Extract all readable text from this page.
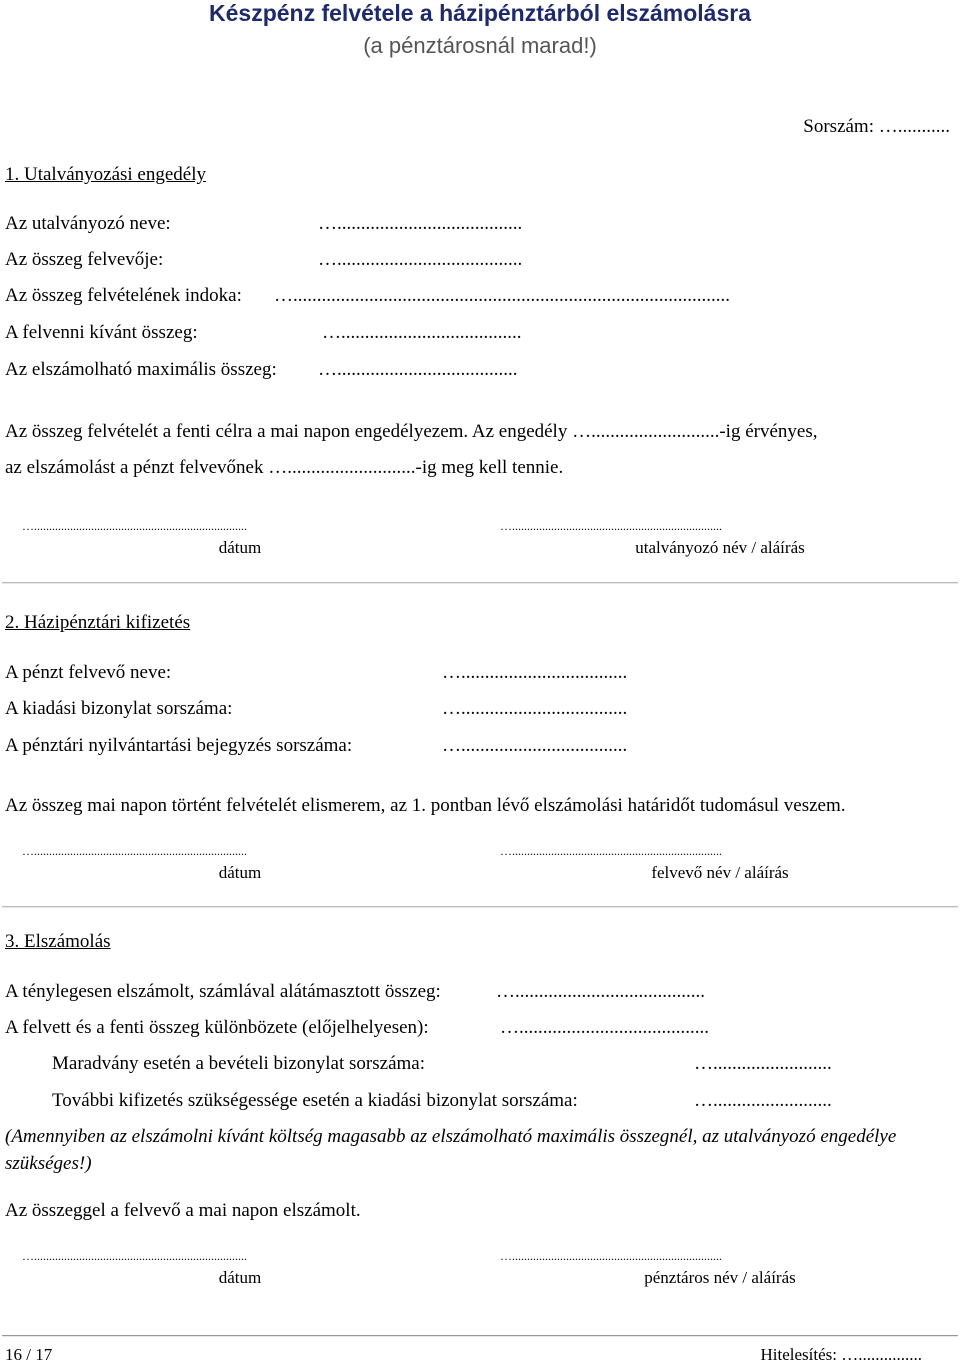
Készpénz felvétele a házipénztárból elszámolásra
(a pénztárosnál marad!)
Sorszám: …...........
1. Utalványozási engedély
Az utalványozó neve:	….......................................
Az összeg felvevője:	….......................................
Az összeg felvételének indoka: …............................................................................................
A felvenni kívánt összeg:	…......................................
Az elszámolható maximális összeg: …......................................
Az összeg felvételét a fenti célra a mai napon engedélyezem. Az engedély …...........................-ig érvényes,
az elszámolást a pénzt felvevőnek …...........................-ig meg kell tennie.
….......................................................................	…......................................................................
dátum	utalványozó név / aláírás
2. Házipénztári kifizetés
A pénzt felvevő neve:	…...................................
A kiadási bizonylat sorszáma:	…...................................
A pénztári nyilvántartási bejegyzés sorszáma:	…...................................
Az összeg mai napon történt felvételét elismerem, az 1. pontban lévő elszámolási határidőt tudomásul veszem.
….......................................................................	…......................................................................
dátum	felvevő név / aláírás
3. Elszámolás
A ténylegesen elszámolt, számlával alátámasztott összeg:	…........................................
A felvett és a fenti összeg különbözete (előjelhelyesen):	…........................................
Maradvány esetén a bevételi bizonylat sorszáma:	….........................
További kifizetés szükségessége esetén a kiadási bizonylat sorszáma:	….........................
(Amennyiben az elszámolni kívánt költség magasabb az elszámolható maximális összegnél, az utalványozó engedélye szükséges!)
Az összeggel a felvevő a mai napon elszámolt.
….......................................................................	…......................................................................
dátum	pénztáros név / aláírás
16 / 17	Hitelesítés: …...............
